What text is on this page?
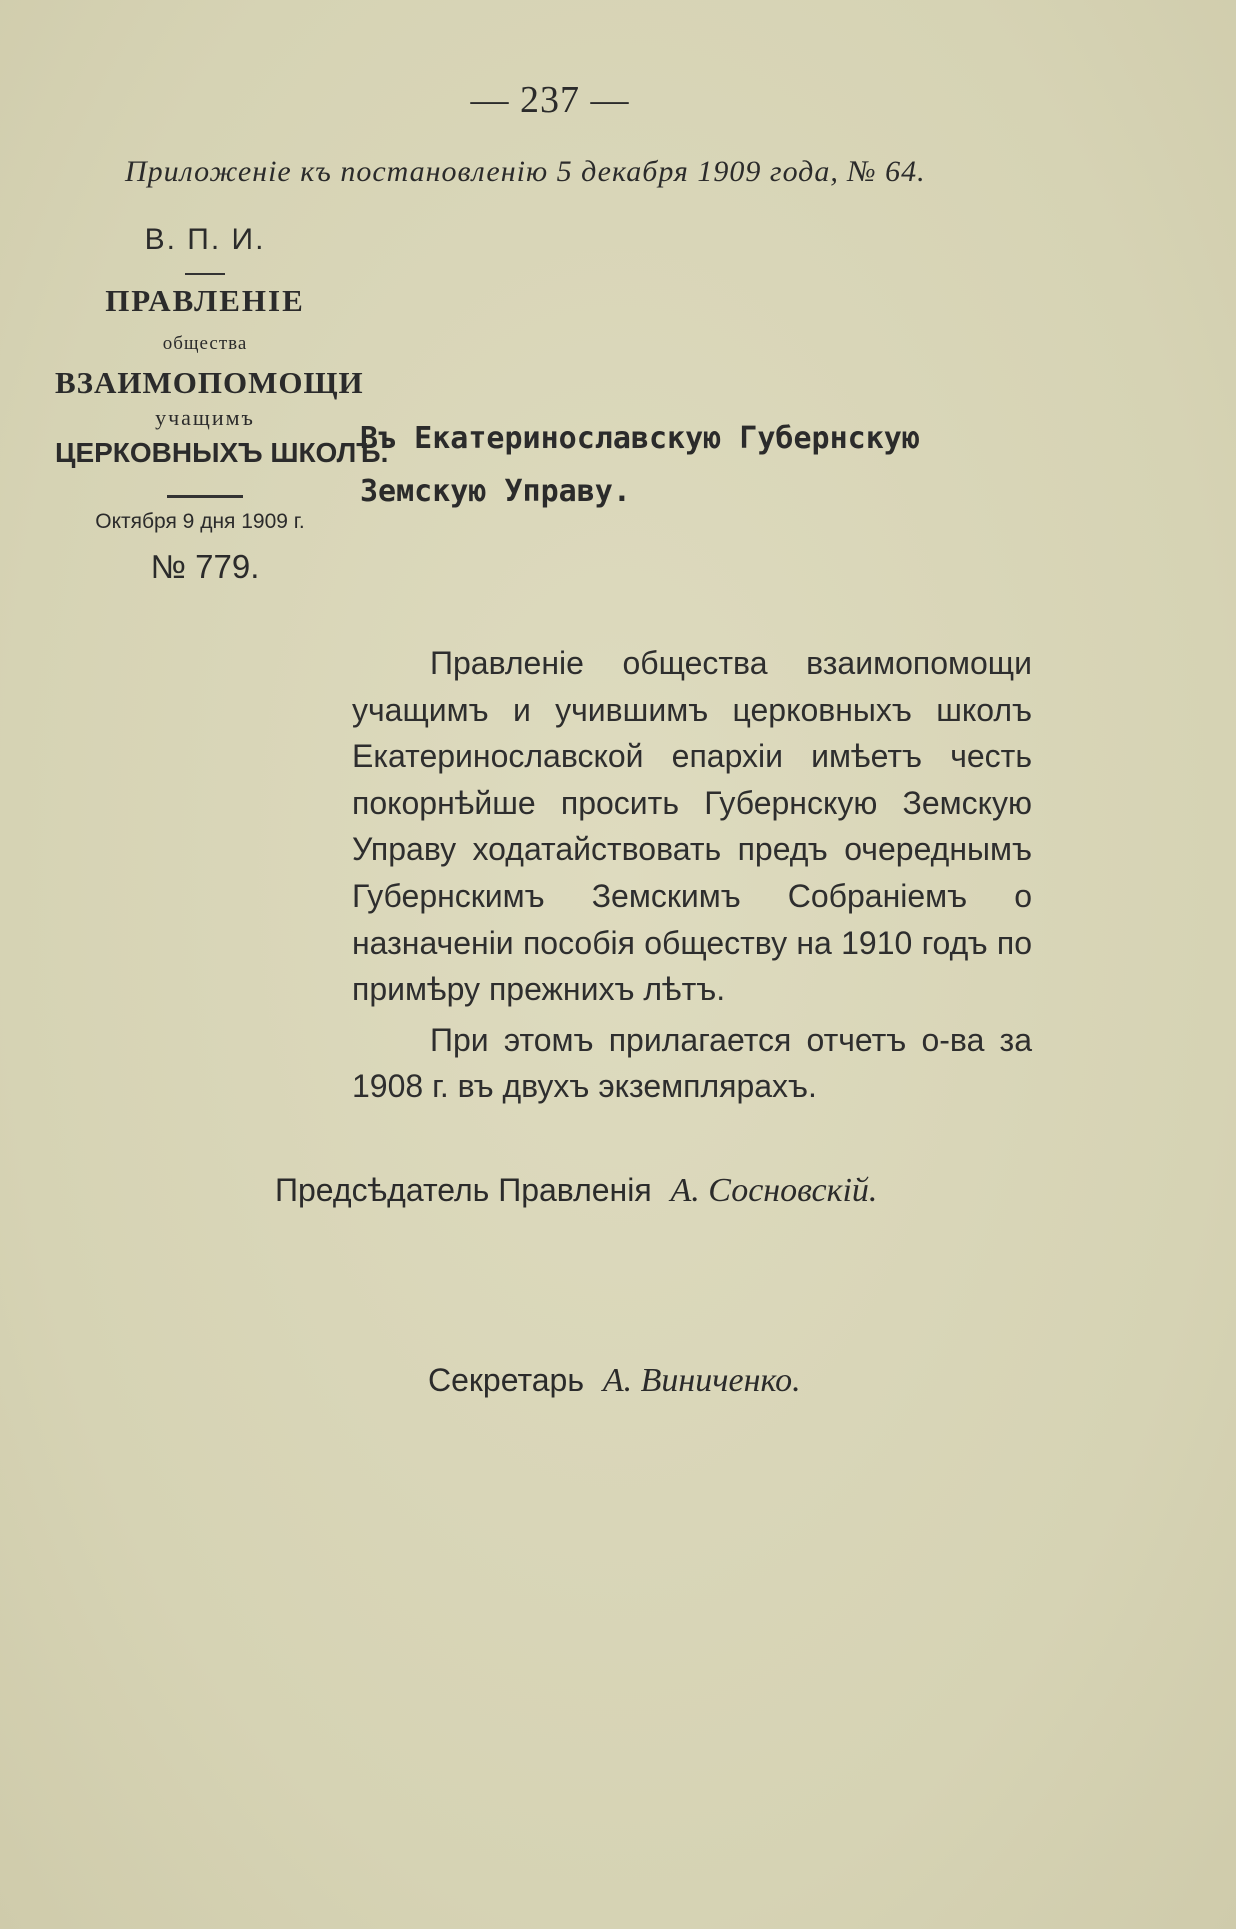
ᅟ
— 237 —
Приложеніе къ постановленію 5 декабря 1909 года, № 64.
В. П. И.
ПРАВЛЕНІЕ
общества
ВЗАИМОПОМОЩИ
учащимъ
ЦЕРКОВНЫХЪ ШКОЛЪ.
Октября 9 дня 1909 г.
№ 779.
Въ Екатеринославскую Губернскую
Земскую Управу.

Правленіе общества взаимопомощи учащимъ и учившимъ церковныхъ школъ Екатеринославской епархіи имѣетъ честь покорнѣйше просить Губернскую Земскую Управу ходатайствовать предъ очереднымъ Губернскимъ Земскимъ Собраніемъ о назначеніи пособія обществу на 1910 годъ по примѣру прежнихъ лѣтъ.

При этомъ прилагается отчетъ о-ва за 1908 г. въ двухъ экземплярахъ.

Предсѣдатель Правленія А. Сосновскій.
Секретарь А. Виниченко.
